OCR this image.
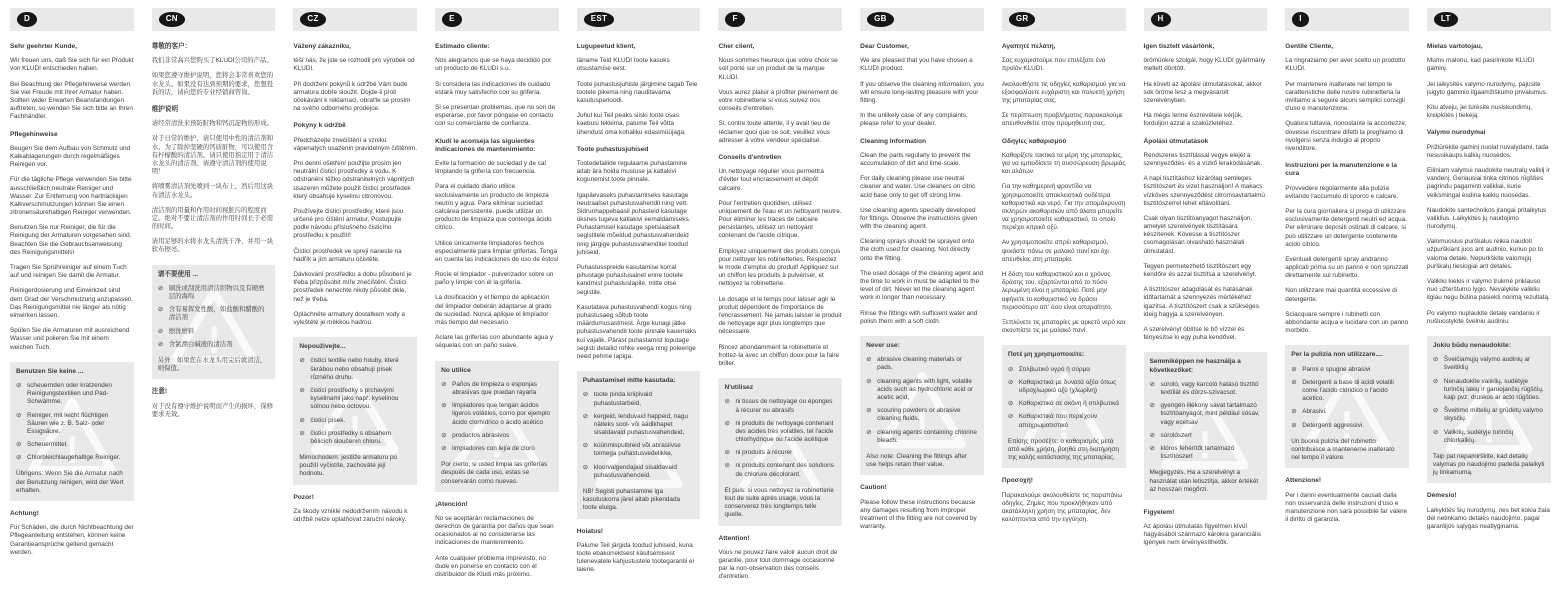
D
Sehr geehrter Kunde,

Wir freuen uns, daß Sie sich für ein Produkt von KLUDI entschieden haben.

Bei Beachtung der Pflegehinweise werden Sie viel Freude mit Ihrer Armatur haben. Sollten wider Erwarten Beanstandungen auftreten, so wenden Sie sich bitte an Ihren Fachhändler.

Pflegehinweise

Beugen Sie dem Aufbau von Schmutz und Kalkablagerungen durch regelmäßiges Reinigen vor.

Für die tägliche Pflege verwenden Sie bitte ausschließlich neutrale Reiniger und Wasser. Zur Entfernung von hartnäckigen Kalkverschmutzungen können Sie einen zitronensäurehaltigen Reiniger verwenden.

Benutzen Sie nur Reiniger, die für die Reinigung der Armaturen vorgesehen sind. Beachten Sie die Gebrauchsanweisung des Reinigungsmittels!

Tragen Sie Sprühreiniger auf einem Tuch auf und reinigen Sie damit die Armatur.

Reinigerdosierung und Einwirkzeit sind dem Grad der Verschmutzung anzupassen. Das Reinigungsmittel nie länger als nötig einwirken lassen.

Spülen Sie die Armaturen mit ausreichend Wasser und polieren Sie mit einem weichen Tuch.

!
Benutzen Sie keine ...
⊘ scheuernden oder kratzenden Reinigungstextilien und Pad-Schwämme.
⊘ Reiniger, mit leicht flüchtigen Säuren wie z. B. Salz- oder Essigsäure.
⊘ Scheuermittel.
⊘ Chlorbleichlaugehaltige Reiniger.

Übrigens: Wenn Sie die Armatur nach der Benutzung reinigen, wird der Wert erhalten.

Achtung!

Für Schäden, die durch Nichtbeachtung der Pflegeanleitung entstehen, können keine Garantieansprüche geltend gemacht werden.

CN
尊敬的客户：

我们非常高兴您购买了KLUDI公司的产品。

如果您遵守维护说明，您将会非常喜欢您的水龙头。如果没有达到预期的要求，您想投诉的话，请向您的专业经销商咨询。

维护说明

请经常清洗来预防脏物和钙沉淀物的形成。

对于日常的维护，请只使用中性的清洁剂和水。为了除掉坚硬的钙质脏物，可以使用含有柠檬酸的清洁剂。请只使用指定用于清洁水龙头的清洁剂。请遵守清洁剂的使用说明！

将喷雾清洁剂先喷到一块布上，然后用这块布清洁水龙头。

清洁剂的用量和作用时间视脏污的程度而定。绝对不要让清洁剂的作用时间长于必需的时间。

请用足够的水将水龙头清洗干净，并用一块软布擦亮。

!
请不要使用 ...
⊘ 刷洗或刮洗用清洁织物以及有硬磨层的海绵
⊘ 含有易挥发性酸，如盐酸和醋酸的清洁剂
⊘ 擦洗磨料
⊘ 含氯漂白碱液的清洁剂

另外：如果您在水龙头用完后就清洁，则保值。

注意!

对于没有遵守维护说明而产生的损坏，保修要求无效。

CZ
Vážený zákazníku,

těší nás, že jste se rozhodli pro výrobek od KLUDI.

Při dodržení pokynů k údržbě Vám bude armatura dobře sloužit. Dojde-li proti očekávání k reklamaci, obraťte se prosím na svého odborného prodejce.

Pokyny k údržbě

Předcházejte znečištění a vzniku vápenatých usazenin pravidelným čištěním.

Pro denní ošetření použijte prosím jen neutrální čisticí prostředky a vodu. K odstranění těžko odstranitelných vápnitých usazenin můžete použít čisticí prostředek který obsahuje kyselinu citronovou.

Používejte čisticí prostředky, které jsou určené pro čištění armatur. Postupujte podle návodu příslušného čisticího prostředku k použití!

Čisticí prostředek ve spreji naneste na hadřík a jím armaturu očistěte.

Dávkování prostředku a dobu působení je třeba přizpůsobit míře znečištění. Čisticí prostředek nenechte nikdy působit déle, než je třeba.

Opláchněte armatury dostatkem vody a vyleštěte je měkkou hadrou.

!
Nepoužívejte...
⊘ čisticí textilie nebo houby, které škrábou nebo obsahují písek různého druhu.
⊘ čisticí prostředky s prchavými kyselinami jako např. kyselinou solnou nebo octovou.
⊘ čisticí písek.
⊘ čisticí prostředky s obsahem bělicích sloučenin chloru.

Mimochodem: jestliže armaturu po použití vyčistíte, zachováte její hodnotu.

Pozor!

Za škody vzniklé nedodržením návodu k údržbě nelze uplatňovat záruční nároky.

E
Estimado cliente:

Nos alegramos que se haya decidido por un producto de KLUDI s.u.

Si considera las indicaciones de cuidado estará muy satisfecho con su grifería.

Si se presentan problemas, que no son de esperarse, por favor póngase en contacto con su comerciante de confianza.

Kludi le aconseja las siguientes indicaciones de mantenimiento:

Evite la formación de suciedad y de cal limpiando la grifería con frecuencia.

Para el cuidado diario utilice exclusivamente un producto de limpieza neutro y agua. Para eliminar suciedad calcárea persistente, puede utilizar un producto de limpieza que contenga ácido cítrico.

Utilice únicamente limpiadores hechos especialmente para limpiar griferías. Tenga en cuenta las indicaciones de uso de éstos!

Rocíe el limpiador - pulverizador sobre un paño y limpie con él la grifería.

La dosificación y el tiempo de aplicación del limpiador deberán adaptarse al grado de suciedad. Nunca aplique el limpiador más tiempo del necesario.

Aclare las griferías con abundante agua y séquelas con un paño suave.

!
No utilice
⊘ Paños de limpieza o esponjas abrasivas que puedan rayarla
⊘ limpiadores que tengan ácidos ligeros volátiles, como por ejemplo ácido clorhídrico o ácido acético
⊘ productos abrasivos
⊘ limpiadores con lejía de cloro

Por cierto, si usted limpia las griferías después de cada uso, estas se conservarán como nuevas.

¡Atención!

No se aceptarán reclamaciones de derechos de garantía por daños que sean ocasionados al no considerarse las indicaciones de mantenimiento.

Ante cualquier problema imprevisto, no dude en ponerse en contacto con el distribuidor de Kludi más próximo.

EST
Lugupeetud klient,

täname Teid KLUDI toote kasuks otsustamise eest.

Toote puhastusjuhiste järgimine tagab Teie tootele pikema ning nauditavama kasutusperioodi.

Juhul kui Teil peaks siiski toote osas kaebusi tekkima, palume Teil võtta ühendust oma kohaliku edasimüüjaga.

Toote puhastusjuhised

Tootedetailide regulaarne puhastamine aitab ära hoida mustuse ja katlakivi kogunemist toote pinnale.

Igapäevaseks puhastamiseks kasutage neutraalset puhastusvahendit ning vett. Sidrunhappebaasil puhasteid kasutage üksnes tugeva katlakivi eemaldamiseks. Puhastamisel kasutage spetsiaalselt segistitele mõeldud puhastusvahendeid ning järgige puhastusvahenditel toodud juhiseid.

Puhastusspreide kasutamise korral pihustage puhastusainet enne tootele kandmist puhastuslapile, mitte otse segistile.

Kasutatava puhastusvahendi kogus ning puhastusaeg sõltub toote määrdumusastmest. Ärge kunagi jätke puhastusvahendit toote pinnale kauemaks kui vajalik. Pärast puhastamist loputage segisti detailid rohke veega ning poleerige need pehme lapiga.

!
Puhastamisel mitte kasutada:
⊘ toote pinda kriipivaid puhastustarbeid,
⊘ kergeid, lenduvaid happeid, nagu näiteks sool- või äädikhapet sisaldavaid puhastusvahendeid,
⊘ küürimispulbreid või abrasiivse toimega puhastusvedelikke,
⊘ kloorvalgendajaid sisaldavaid puhastusvahendeid.

NB! Segisti puhastamine iga kasutuskorra järel aitab pikendada toote eluiga.

Hoiatus!

Palume Teil järgida toodud juhiseid, kuna toote ebakorrektsest käsitsemisest tulenevatele kahjustustele tootegarantii ei laiene.

F
Cher client,

Nous sommes heureux que votre choix se soit porté sur un produit de la marque KLUDI.

Vous aurez plaisir à profiter pleinement de votre robinetterie si vous suivez nos conseils d'entretien.

Si, contre toute attente, il y avait lieu de réclamer quoi que ce soit, veuillez vous adresser à votre vendeur spécialisé.

Conseils d'entretien

Un nettoyage régulier vous permettra d'éviter tout encrassement et dépôt calcaire.

Pour l'entretien quotidien, utilisez uniquement de l'eau et un nettoyant neutre. Pour éliminer les traces de calcaire persistantes, utilisez un nettoyant contenant de l'acide citrique.

Employez uniquement des produits conçus pour nettoyer les robinetteries. Respectez le mode d'emploi du produit! Appliquez sur un chiffon les produits à pulvériser, et nettoyez la robinetterie.

Le dosage et le temps pour laisser agir le produit dépendent de l'importance de l'encrassement. Ne jamais laisser le produit de nettoyage agir plus longtemps que nécessaire.

Rincez abondamment la robinetterie et frottez-la avec un chiffon doux pour la faire briller.

!
N'utilisez
⊘ ni tissus de nettoyage ou éponges à récurer ou abrasifs
⊘ ni produits de nettoyage contenant des acides très volatiles, tel l'acide chlorhydrique ou l'acide acétique
⊘ ni produits à récurer
⊘ ni produits contenant des solutions de chlorure décolorant.

Et puis: si vous nettoyez la robinetterie tout de suite après usage, vous la conserverez très longtemps telle quelle.

Attention!

Vous ne pouvez faire valoir aucun droit de garantie, pour tout dommage occasionné par la non-observation des conseils d'entretien.

GB
Dear Customer,

We are pleased that you have chosen a KLUDI product.

If you observe the cleaning information, you will ensure long-lasting pleasure with your fitting.

In the unlikely case of any complaints, please refer to your dealer.

Cleaning Information

Clean the parts regularly to prevent the accumulation of dirt and lime-scale.

For daily cleaning please use neutral cleaner and water. Use cleaners on citric acid base only to get off strong lime.

Use cleaning agents specially developed for fittings. Observe the instructions given with the cleaning agent.

Cleaning sprays should be sprayed onto the cloth used for cleaning. Not directly onto the fitting.

The used dosage of the cleaning agent and the time to work in must be adapted to the level of dirt. Never let the cleaning agent work in longer than necessary.

Rinse the fittings with sufficient water and polish them with a soft cloth.

!
Never use:
⊘ abrasive cleaning materials or pads,
⊘ cleaning agents with light, volatile acids such as hydrochloric acid or acetic acid,
⊘ scouring powders or abrasive cleaning fluids,
⊘ cleaning agents containing chlorine bleach.

Also note: Cleaning the fittings after use helps retain their value.

Caution!

Please follow these instructions because any damages resulting from improper treatment of the fitting are not covered by warranty.

GR
Αγαπητέ πελάτη,

Σας ευχαριστούμε που επιλέξατε ένα προϊόν KLUDI.

Ακολουθήστε τις οδηγίες καθαρισμού για να εξασφαλίσετε ευχάριστη και πολυετή χρήση της μπαταρίας σας.

Σε περίπτωση προβλήματος παρακαλούμε απευθυνθείτε στον προμηθευτή σας.

Οδηγίες καθαρισμού

Καθαρίζετε τακτικά τα μέρη της μπαταρίας, για να εμποδίσετε τη συσσώρευση βρωμιάς και αλάτων.

Για την καθημερινή φροντίδα να χρησιμοποιείτε αποκλειστικά ουδέτερα καθαριστικά και νερό. Για την απομάκρυνση σκληρών ακαθαρσιών από άλατα μπορείτε να χρησιμοποιείτε καθαριστικό, το οποίο περιέχει κιτρικό οξύ.

Αν χρησιμοποιείτε σπρέι καθαρισμού, ψεκάστε πάνω σε μαλακό πανί και όχι απευθείας στη μπαταρία.

Η δόση του καθαριστικού και ο χρόνος δράσης του, εξαρτώνται από το πόσο λερωμένη είναι η μπαταρία. Ποτέ μην αφήνετε το καθαριστικό να δράσει περισσότερο απ' όσο είναι απαραίτητο.

Ξεπλύνετε τις μπαταρίες με αρκετό νερό και σκουπίστε τις με μαλακό πανί.

!
Ποτέ μη χρησιμοποιείτε:
⊘ Στιλβωτικό υγρό ή σύρμα
⊘ Καθαριστικά με δυνατά οξέα όπως υδροχλωρικό οξύ (χλωρίνη)
⊘ Καθαριστικά σε σκόνη ή στιλβωτικά
⊘ Καθαριστικά που περιέχουν αποχρωματιστικό

Επίσης προσέξτε: ο καθαρισμός μετά από κάθε χρήση, βοηθά στη διατήρηση της καλής κατάστασης της μπαταρίας.

Προσοχή!

Παρακαλούμε ακολουθείστε τις παραπάνω οδηγίες. Ζημίες που προκλήθηκαν από ακατάλληλη χρήση της μπαταρίας, δεν καλύπτονται από την εγγύηση.

H
Igen tisztelt vásárlónk,

örömünkre szolgál, hogy KLUDI gyártmány mellett döntött.

Ha követi az ápolási útmutatásokat, akkor sok öröme lesz a megvásárolt szerelvényben.

Ha mégis lenne észrevétele kérjük, forduljon azzal a szaküzletéhez.

Ápolási útmutatások

Rendszeres tisztítással vegye elejét a szennyeződés- és a vízkő lerakódásának.

A napi tisztításhoz kizárólag semleges tisztítószert és vizet használjon! A makacs vízköves szennyeződést citromsavtartalmú tisztítószerrel lehet eltávolítani.

Csak olyan tisztítóanyagot használjon, amelyet szerelvények tisztítására készítenek. Kövesse a tisztítószer csomagolásán olvasható használati útmutatást.

Tegyen permetezhető tisztítószert egy kendőre és azzal tisztítsa a szerelvényt.

A tisztítószer adagolását és hatásának időtartamát a szennyezés mértékéhez igazítsa. A tisztítószert csak a szükséges ideig hagyja a szerelvényen.

A szerelvényt öblítse le bő vízzel és fényesítse ki egy puha kendővel.

!
Semmiképpen ne használja a következőket:
⊘ súroló, vagy karcoló hatású tisztító textíliát és dörzs-szivacsot.
⊘ gyengén illékony savat tartalmazó tisztítóanyagot, mint például sósav, vagy ecetsav
⊘ súrolószert
⊘ klóros fehérítőt tartalmazó tisztítószert

Megjegyzés. Ha a szerelvényt a használat után letisztítja, akkor értékét az hosszan megőrzi.

Figyelem!

Az ápolási útmutatás figyelmen kívül hagyásából származó károkra garanciális igények nem érvényesíthetők.

I
Gentile Cliente,

La ringraziamo per aver scelto un prodotto KLUDI.

Per mantenere inalterate nel tempo le caratteristiche delle nostre rubinetteria la invitiamo a seguire alcuni semplici consigli d'uso e manutenzione.

Qualora tuttavia, nonostante la accortezze, dovesse riscontrare difetti la preghiamo di rivolgersi senza indugio al proprio rivenditore.

Instruzioni per la manutenzione e la cura

Provvedere regolarmente alla pulizia evitando l'accumulo di sporco e calcare.

Per la cura giornaliera si prega di utilizzare esclusivamente detergenti neutri ed acqua. Per eliminare depositi ostinati di calcare, si può utilizzare un detergente contenente acido citrico.

Eventuali detergenti spray andranno applicati prima su un panno e non spruzzati direttamente sul rubinetto.

Non utilizzare mai quantità eccessive di detergente.

Sciacquare sempre i rubinetti con abbondante acqua e lucidare con un panno morbido.

!
Per la pulizia non utilizzare....
⊘ Panni e spugne abrasivi
⊘ Detergenti a base di acidi volatili come l'acido cloridico o l'acido acetico.
⊘ Abrasivi.
⊘ Detergenti aggressivi.

Un buona pulizia del rubinetto contribuisce a mantenerne inalterato nel tempo il valore.

Attenzione!

Per i danni eventualmente causati dalla non osservanza delle instruzioni d'uso e manutenzione non sarà possibile far valere il diritto di garanzia.

LT
Mielas vartotojau,

Mums malonu, kad pasirinkote KLUDI gaminį.

Jei laikysitės valymo nurodymų, pajusite įsigyto gaminio ilgaamžiškumo privalumus.

Kitu atveju, jei turėsite nusiskundimų, kreipkitės į tiekėją.

Valymo nurodymai

Prižiūrėkite gaminį nuolat nuvalydami, tada nesusikaups kalkių nuosėdos.

Eiliniam valymui naudokite neutralų valiklį ir vandenį. Geriausiai tinka citrinos rūgšties pagrindu pagaminti valikliai, kurie veiksmingai ėsdina kalkių nuosėdas.

Naudokite santechnikos įrangai pritaikytus valiklius. Laikykitės jų naudojimo nurodymų.

Valomuosius purškalus reikia naudoti užpurškiant juos ant audinio, kuriuo po to valoma detalė. Nepurkškite valomųjų purškalų tiesiogiai ant detalės.

Valiklio kiekis ir valymo trukmė priklauso nuo užterštumo lygio. Nevalykite valikliu ilgiau negu būtina pasiekti norimą rezultatą.

Po valymo nuplaukite detalę vandeniu ir nušluostykite švelniu audiniu.

!
Jokiu būdu nenaudokite:
⊘ Šveičiamųjų valymo audinių ar šveitiklių
⊘ Nenaudokite valiklių, sudėtyje turinčių lakių ir garuojančių rūgščių, kaip pvz. druskos ar acto rūgšties.
⊘ Šveitimo miltelių ar grūdėtų valymo skysčių.
⊘ Valiklių, sudėtyje turinčių chlorkalkių.

Taip pat nepamirškite, kad detalių valymas po naudojimo padeda palaikyti jų tinkamumą.

Dėmesio!

Laikykitės šių nurodymų, nes bet kokia žala dėl netinkamo detalės naudojimo, pagal garantijos sąlygas neatlyginama.
